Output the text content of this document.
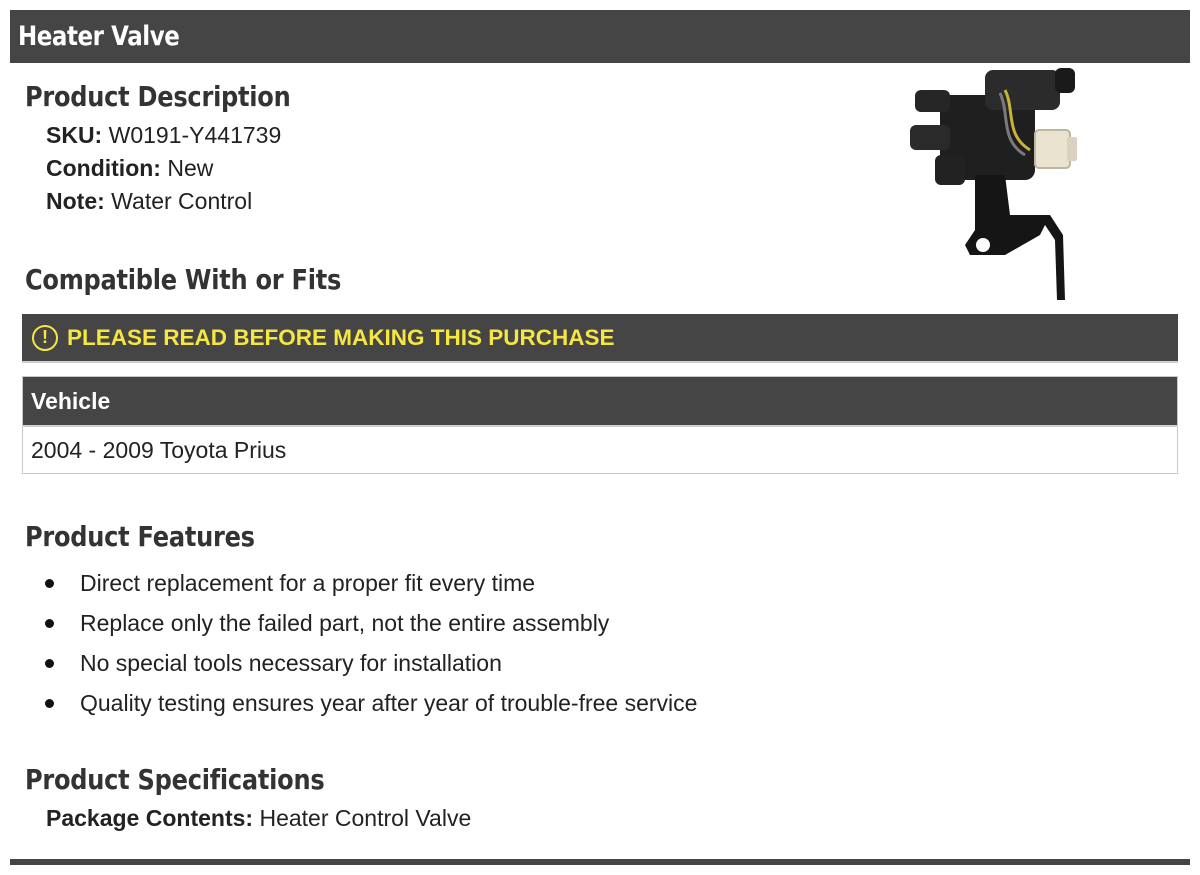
Heater Valve
Product Description
SKU: W0191-Y441739
Condition: New
Note: Water Control
Compatible With or Fits
! PLEASE READ BEFORE MAKING THIS PURCHASE
Vehicle
2004 - 2009 Toyota Prius
Product Features
Direct replacement for a proper fit every time
Replace only the failed part, not the entire assembly
No special tools necessary for installation
Quality testing ensures year after year of trouble-free service
Product Specifications
Package Contents: Heater Control Valve
